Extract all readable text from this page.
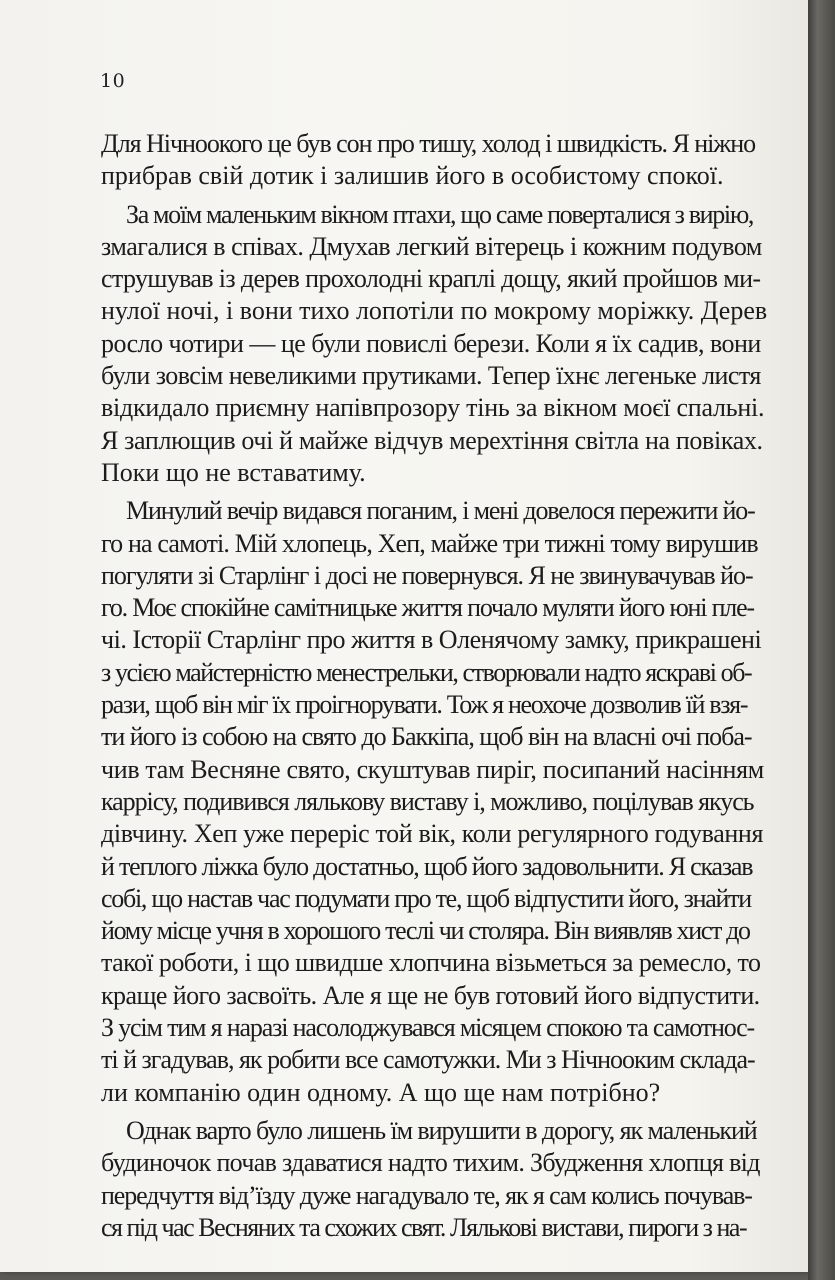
10
Для Нічноокого це був сон про тишу, холод і швидкість. Я ніжно
прибрав свій дотик і залишив його в особистому спокої.
За моїм маленьким вікном птахи, що саме поверталися з вирію,
змагалися в співах. Дмухав легкий вітерець і кожним подувом
струшував із дерев прохолодні краплі дощу, який пройшов ми-
нулої ночі, і вони тихо лопотіли по мокрому моріжку. Дерев
росло чотири — це були повислі берези. Коли я їх садив, вони
були зовсім невеликими прутиками. Тепер їхнє легеньке листя
відкидало приємну напівпрозору тінь за вікном моєї спальні.
Я заплющив очі й майже відчув мерехтіння світла на повіках.
Поки що не вставатиму.
Минулий вечір видався поганим, і мені довелося пережити йо-
го на самоті. Мій хлопець, Хеп, майже три тижні тому вирушив
погуляти зі Старлінг і досі не повернувся. Я не звинувачував йо-
го. Моє спокійне самітницьке життя почало муляти його юні пле-
чі. Історії Старлінг про життя в Оленячому замку, прикрашені
з усією майстерністю менестрельки, створювали надто яскраві об-
рази, щоб він міг їх проігнорувати. Тож я неохоче дозволив їй взя-
ти його із собою на свято до Баккіпа, щоб він на власні очі поба-
чив там Весняне свято, скуштував пиріг, посипаний насінням
каррісу, подивився лялькову виставу і, можливо, поцілував якусь
дівчину. Хеп уже переріс той вік, коли регулярного годування
й теплого ліжка було достатньо, щоб його задовольнити. Я сказав
собі, що настав час подумати про те, щоб відпустити його, знайти
йому місце учня в хорошого теслі чи столяра. Він виявляв хист до
такої роботи, і що швидше хлопчина візьметься за ремесло, то
краще його засвоїть. Але я ще не був готовий його відпустити.
З усім тим я наразі насолоджувався місяцем спокою та самотнос-
ті й згадував, як робити все самотужки. Ми з Нічнооким склада-
ли компанію один одному. А що ще нам потрібно?
Однак варто було лишень їм вирушити в дорогу, як маленький
будиночок почав здаватися надто тихим. Збудження хлопця від
передчуття від’їзду дуже нагадувало те, як я сам колись почував-
ся під час Весняних та схожих свят. Лялькові вистави, пироги з на-
